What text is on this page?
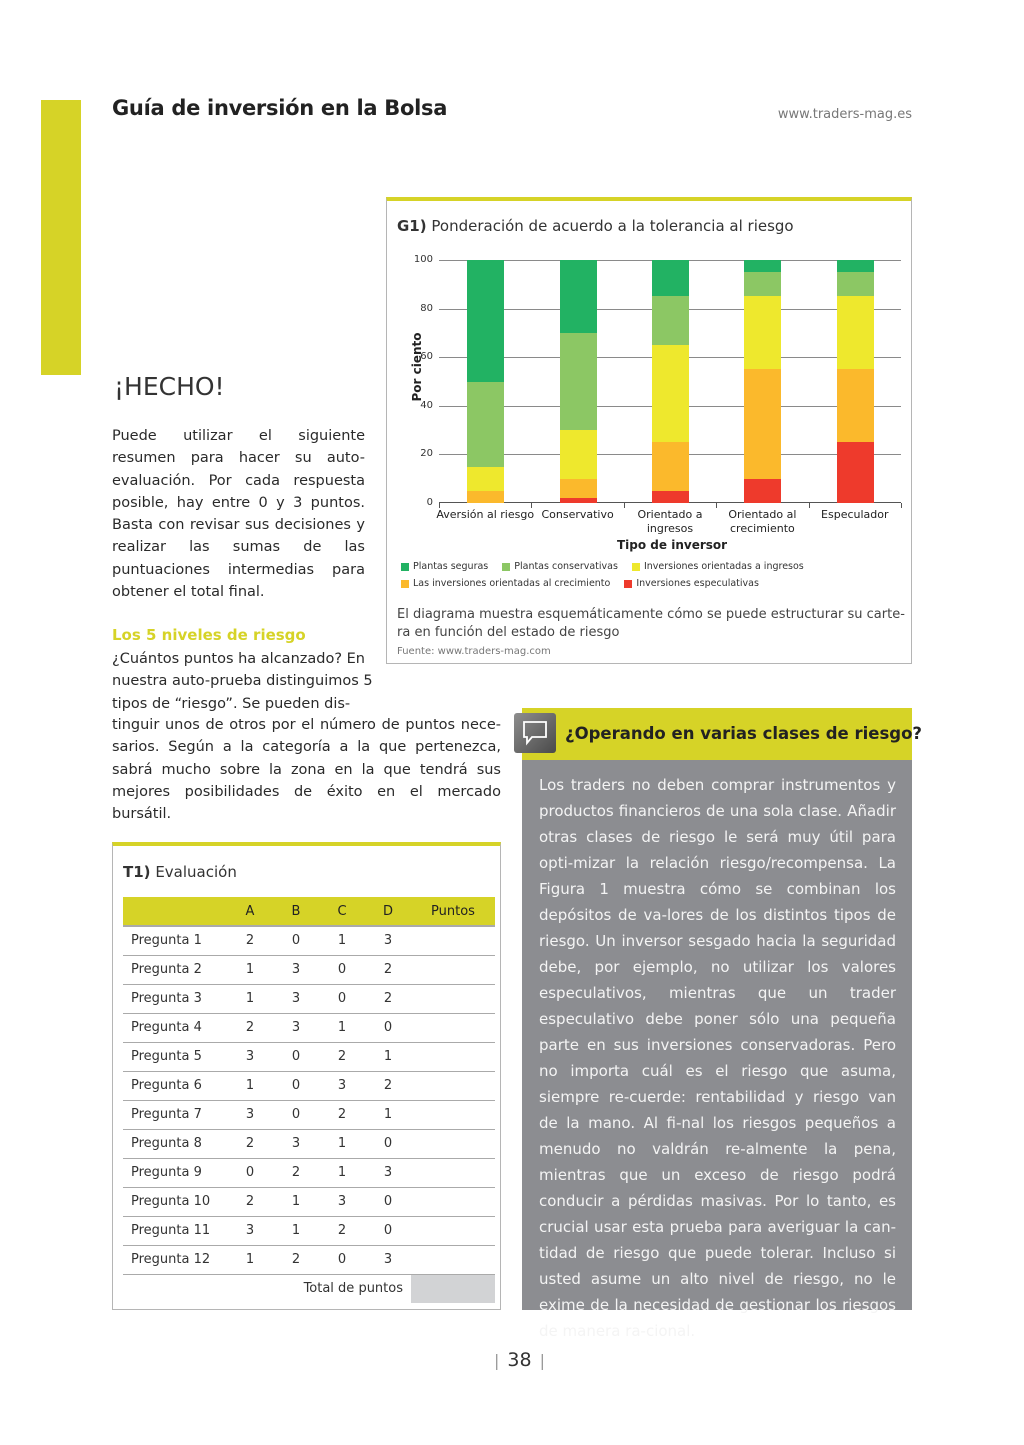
Guía de inversión en la Bolsa	www.traders-mag.es
G1) Ponderación de acuerdo a la tolerancia al riesgo
Por ciento
0
20
40
60
80
100
Aversión al riesgo Conservativo	Orientado a ingresos
Orientado al crecimiento
Especulador
Tipo de inversor
Plantas seguras	Plantas conservativas	Inversiones orientadas a ingresos
Las inversiones orientadas al crecimiento	Inversiones especulativas
El diagrama muestra esquemáticamente cómo se puede estructurar su carte-ra en función del estado de riesgo
Fuente: www.traders-mag.com
¡HECHO!
Puede utilizar el siguiente resumen para hacer su auto-evaluación. Por cada respuesta posible, hay entre 0 y 3 puntos. Basta con revisar sus decisiones y realizar las sumas de las puntuaciones intermedias para obtener el total final.
Los 5 niveles de riesgo
¿Cuántos puntos ha alcanzado? En nuestra auto-prueba distinguimos 5 tipos de “riesgo”. Se pueden dis-
tinguir unos de otros por el número de puntos nece-sarios. Según a la categoría a la que pertenezca, sabrá mucho sobre la zona en la que tendrá sus mejores posibilidades de éxito en el mercado bursátil.
T1) Evaluación
	A	B	C	D	Puntos
Pregunta 1	2	0	1	3	
Pregunta 2	1	3	0	2	
Pregunta 3	1	3	0	2	
Pregunta 4	2	3	1	0	
Pregunta 5	3	0	2	1	
Pregunta 6	1	0	3	2	
Pregunta 7	3	0	2	1	
Pregunta 8	2	3	1	0	
Pregunta 9	0	2	1	3	
Pregunta 10	2	1	3	0	
Pregunta 11	3	1	2	0	
Pregunta 12	1	2	0	3	
Total de puntos					
¿Operando en varias clases de riesgo?
Los traders no deben comprar instrumentos y productos financieros de una sola clase. Añadir otras clases de riesgo le será muy útil para opti-mizar la relación riesgo/recompensa. La Figura 1 muestra cómo se combinan los depósitos de va-lores de los distintos tipos de riesgo. Un inversor sesgado hacia la seguridad debe, por ejemplo, no utilizar los valores especulativos, mientras que un trader especulativo debe poner sólo una pequeña parte en sus inversiones conservadoras. Pero no importa cuál es el riesgo que asuma, siempre re-cuerde: rentabilidad y riesgo van de la mano. Al fi-nal los riesgos pequeños a menudo no valdrán re-almente la pena, mientras que un exceso de riesgo podrá conducir a pérdidas masivas. Por lo tanto, es crucial usar esta prueba para averiguar la can-tidad de riesgo que puede tolerar. Incluso si usted asume un alto nivel de riesgo, no le exime de la necesidad de gestionar los riesgos de manera ra-cional.
| 38 |
